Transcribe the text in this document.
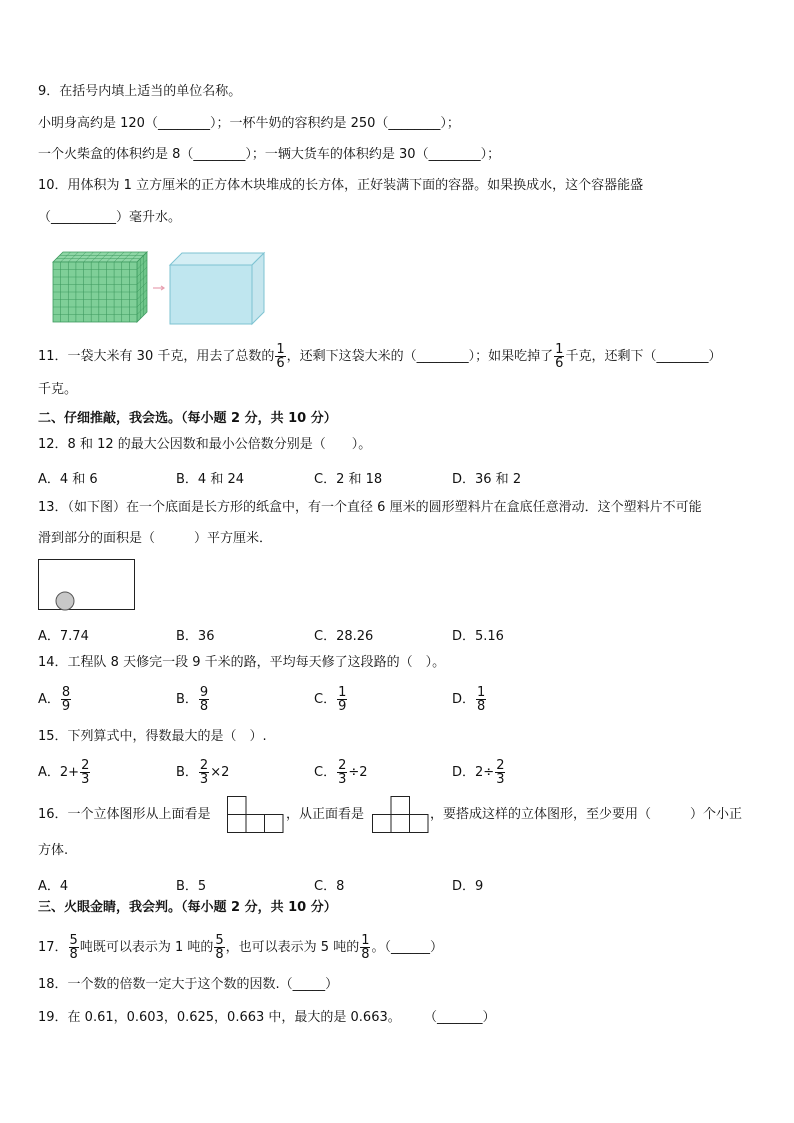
9．在括号内填上适当的单位名称。
小明身高约是 120（________）；一杯牛奶的容积约是 250（________）；
一个火柴盒的体积约是 8（________）；一辆大货车的体积约是 30（________）；
10．用体积为 1 立方厘米的正方体木块堆成的长方体，正好装满下面的容器。如果换成水，这个容器能盛
（__________）毫升水。
11．一袋大米有 30 千克，用去了总数的 $\frac{1}{6}$ ，还剩下这袋大米的（________）；如果吃掉了 $\frac{1}{6}$ 千克，还剩下（________）
千克。
二、仔细推敲，我会选。（每小题 2 分，共 10 分）
12．8 和 12 的最大公因数和最小公倍数分别是（　　）。
A．4 和 6	B．4 和 24	C．2 和 18	D．36 和 2
13．（如下图）在一个底面是长方形的纸盒中，有一个直径 6 厘米的圆形塑料片在盒底任意滑动．这个塑料片不可能
滑到部分的面积是（　　　）平方厘米．
A．7.74	B．36	C．28.26	D．5.16
14．工程队 8 天修完一段 9 千米的路，平均每天修了这段路的（　）。
A． $\frac{8}{9}$	B． $\frac{9}{8}$	C． $\frac{1}{9}$	D． $\frac{1}{8}$
15．下列算式中，得数最大的是（　）.
A．$2+ \frac{2}{3}$	B． $\frac{2}{3} \times 2$	C． $\frac{2}{3} \div 2$	D．$2\div \frac{2}{3}$
16．一个立体图形从上面看是	，从正面看是	，要搭成这样的立体图形，至少要用（　　　）个小正
方体.
A．4	B．5	C．8	D．9
三、火眼金睛，我会判。（每小题 2 分，共 10 分）
17． $\frac{5}{8}$ 吨既可以表示为 1 吨的 $\frac{5}{8}$ ，也可以表示为 5 吨的 $\frac{1}{8}$ 。（______）
18．一个数的倍数一定大于这个数的因数.（_____）
19．在 0.61，0.603，0.625，0.663 中，最大的是 0.663。 （_______）
